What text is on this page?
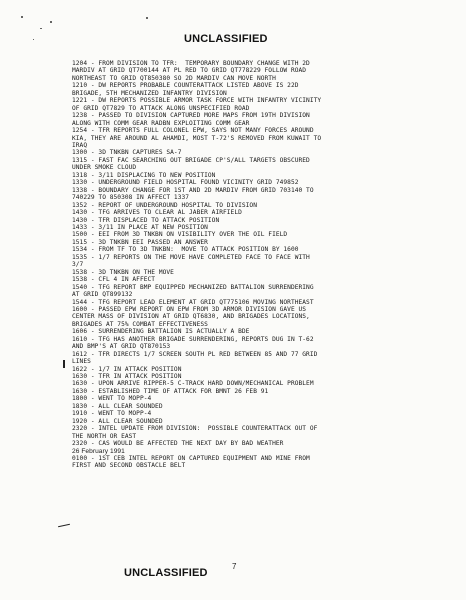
UNCLASSIFIED

1204 - FROM DIVISION TO TFR:  TEMPORARY BOUNDARY CHANGE WITH 2D

MARDIV AT GRID QT700144 AT PL RED TO GRID QT778229 FOLLOW ROAD

NORTHEAST TO GRID QT850380 SO 2D MARDIV CAN MOVE NORTH

1210 - DW REPORTS PROBABLE COUNTERATTACK LISTED ABOVE IS 22D

BRIGADE, 5TH MECHANIZED INFANTRY DIVISION

1221 - DW REPORTS POSSIBLE ARMOR TASK FORCE WITH INFANTRY VICINITY

OF GRID QT7829 TO ATTACK ALONG UNSPECIFIED ROAD

1238 - PASSED TO DIVISION CAPTURED MORE MAPS FROM 19TH DIVISION

ALONG WITH COMM GEAR RADBN EXPLOITING COMM GEAR

1254 - TFR REPORTS FULL COLONEL EPW, SAYS NOT MANY FORCES AROUND

KIA, THEY ARE AROUND AL AHAMDI, MOST T-72'S REMOVED FROM KUWAIT TO

IRAQ

1300 - 3D TNKBN CAPTURES SA-7

1315 - FAST FAC SEARCHING OUT BRIGADE CP'S/ALL TARGETS OBSCURED

UNDER SMOKE CLOUD

1318 - 3/11 DISPLACING TO NEW POSITION

1330 - UNDERGROUND FIELD HOSPITAL FOUND VICINITY GRID 749852

1338 - BOUNDARY CHANGE FOR 1ST AND 2D MARDIV FROM GRID 703140 TO

740229 TO 850308 IN AFFECT 1337

1352 - REPORT OF UNDERGROUND HOSPITAL TO DIVISION

1430 - TFG ARRIVES TO CLEAR AL JABER AIRFIELD

1430 - TFR DISPLACED TO ATTACK POSITION

1433 - 3/11 IN PLACE AT NEW POSITION

1500 - EEI FROM 3D TNKBN ON VISIBILITY OVER THE OIL FIELD

1515 - 3D TNKBN EEI PASSED AN ANSWER

1534 - FROM TF TO 3D TNKBN:  MOVE TO ATTACK POSITION BY 1600

1535 - 1/7 REPORTS ON THE MOVE HAVE COMPLETED FACE TO FACE WITH

3/7

1538 - 3D TNKBN ON THE MOVE

1538 - CFL 4 IN AFFECT

1540 - TFG REPORT BMP EQUIPPED MECHANIZED BATTALION SURRENDERING

AT GRID QT899132

1544 - TFG REPORT LEAD ELEMENT AT GRID QT775106 MOVING NORTHEAST

1600 - PASSED EPW REPORT ON EPW FROM 3D ARMOR DIVISION GAVE US

CENTER MASS OF DIVISION AT GRID QT6830, AND BRIGADES LOCATIONS,

BRIGADES AT 75% COMBAT EFFECTIVENESS

1606 - SURRENDERING BATTALION IS ACTUALLY A BDE

1610 - TFG HAS ANOTHER BRIGADE SURRENDERING, REPORTS DUG IN T-62

AND BMP'S AT GRID QT870153

1612 - TFR DIRECTS 1/7 SCREEN SOUTH PL RED BETWEEN 85 AND 77 GRID

LINES

1622 - 1/7 IN ATTACK POSITION

1630 - TFR IN ATTACK POSITION

1630 - UPON ARRIVE RIPPER-5 C-TRACK HARD DOWN/MECHANICAL PROBLEM

1630 - ESTABLISHED TIME OF ATTACK FOR BMNT 26 FEB 91

1800 - WENT TO MOPP-4

1830 - ALL CLEAR SOUNDED

1910 - WENT TO MOPP-4

1920 - ALL CLEAR SOUNDED

2320 - INTEL UPDATE FROM DIVISION:  POSSIBLE COUNTERATTACK OUT OF

THE NORTH OR EAST

2320 - CAS WOULD BE AFFECTED THE NEXT DAY BY BAD WEATHER

26 February 1991

0100 - 1ST CEB INTEL REPORT ON CAPTURED EQUIPMENT AND MINE FROM

FIRST AND SECOND OBSTACLE BELT

7
UNCLASSIFIED
